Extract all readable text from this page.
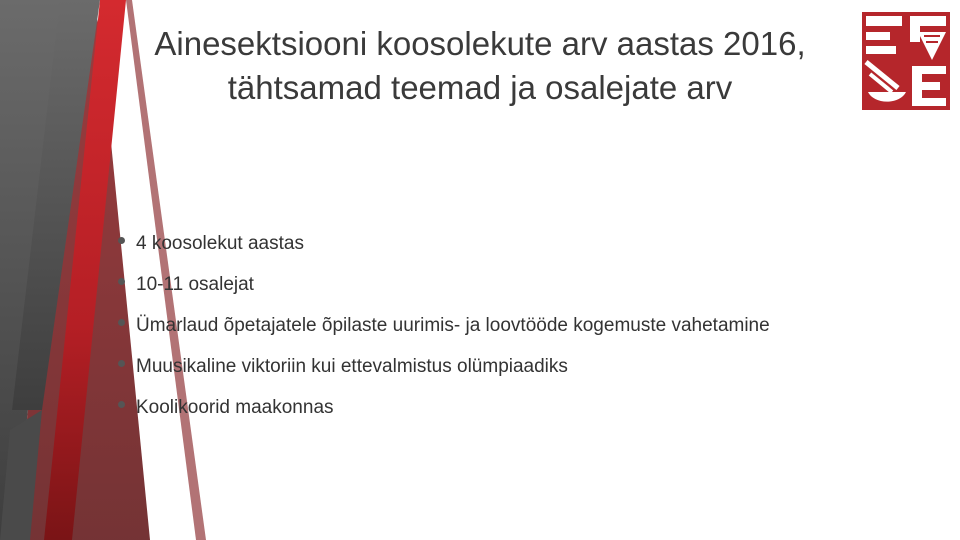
Ainesektsiooni koosolekute arv aastas 2016,
tähtsamad teemad ja osalejate arv
4 koosolekut aastas
10-11 osalejat
Ümarlaud õpetajatele õpilaste uurimis- ja loovtööde kogemuste vahetamine
Muusikaline viktoriin kui ettevalmistus olümpiaadiks
Koolikoorid maakonnas
